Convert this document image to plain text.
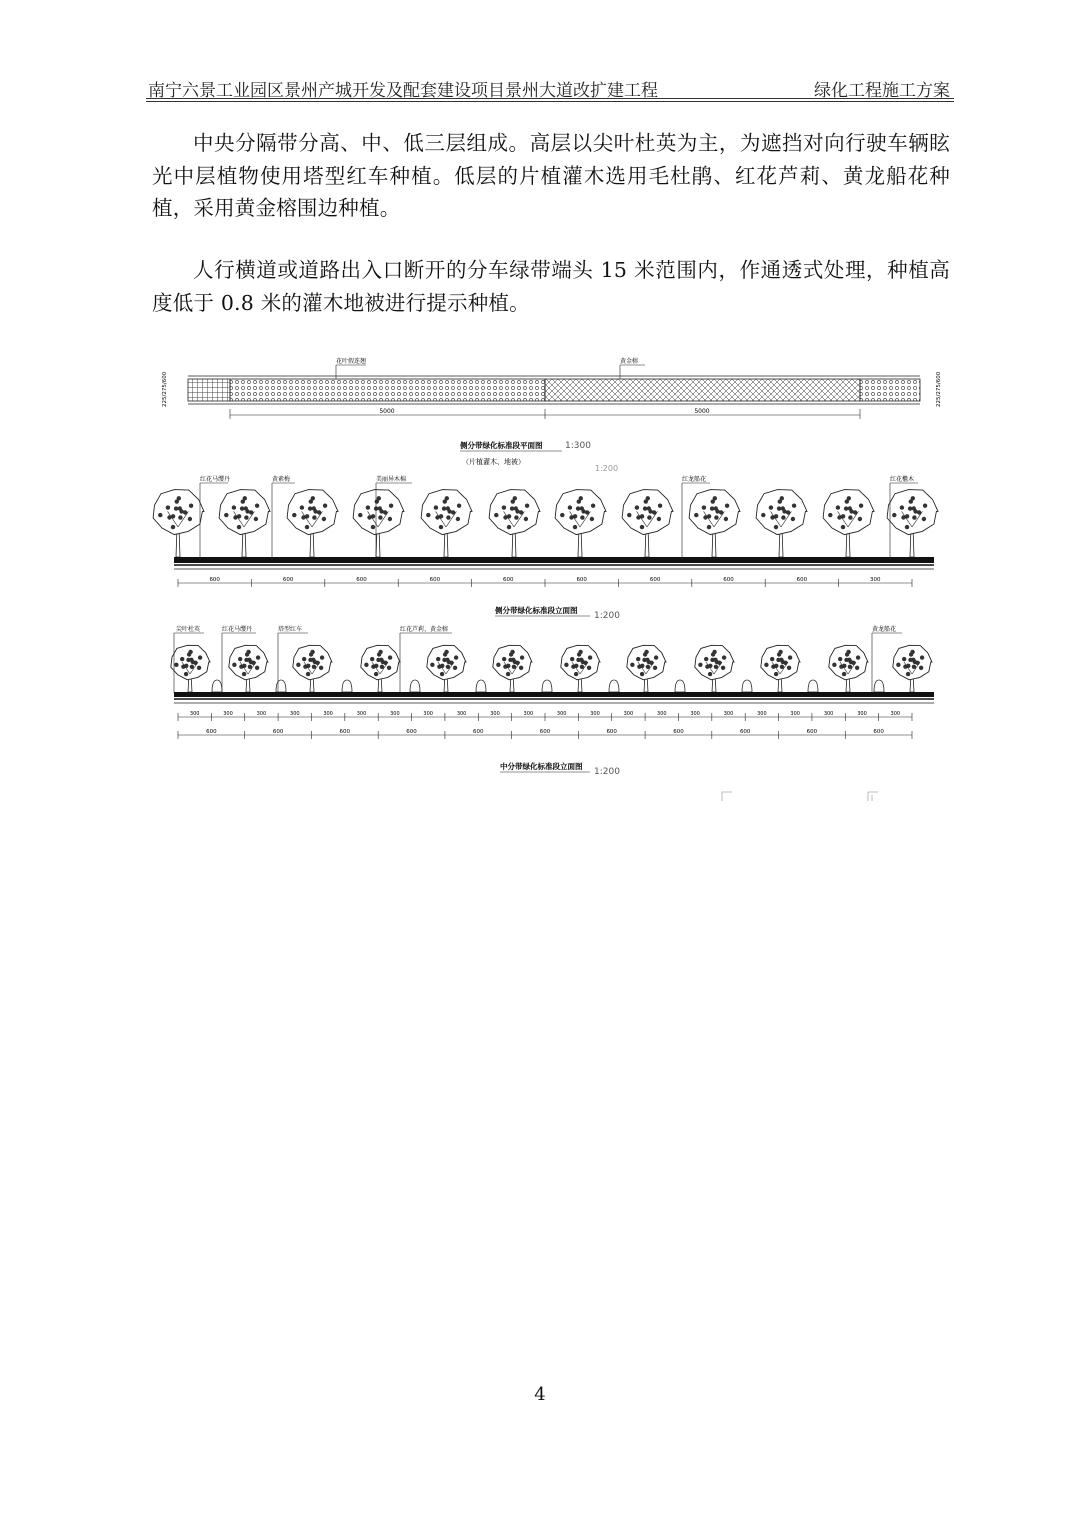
南宁六景工业园区景州产城开发及配套建设项目景州大道改扩建工程	绿化工程施工方案

中央分隔带分高、中、低三层组成。高层以尖叶杜英为主，为遮挡对向行驶车辆眩光中层植物使用塔型红车种植。低层的片植灌木选用毛杜鹃、红花芦莉、黄龙船花种植，采用黄金榕围边种植。

人行横道或道路出入口断开的分车绿带端头 15 米范围内，作通透式处理，种植高度低于 0.8 米的灌木地被进行提示种植。

花叶假连翘	黄金榕
5000	5000
225/275/600	225/275/600
侧分带绿化标准段平面图	1:300
（片植灌木、地被）
1:200
600	600	600	600	600	600	600	600	600	300
红花马缨丹	黄素梅	美丽异木棉	红龙船花	红花檵木
侧分带绿化标准段立面图
1:200
300	300	300	300	300	300	300	300	300	300	300	300	300	300	300	300	300	300	300	300	300	300
600	600	600	600	600	600	600	600	600	600	600
尖叶杜英	红花马缨丹	塔型红车	红花芦莉、黄金榕	黄龙船花
中分带绿化标准段立面图
1:200
4
